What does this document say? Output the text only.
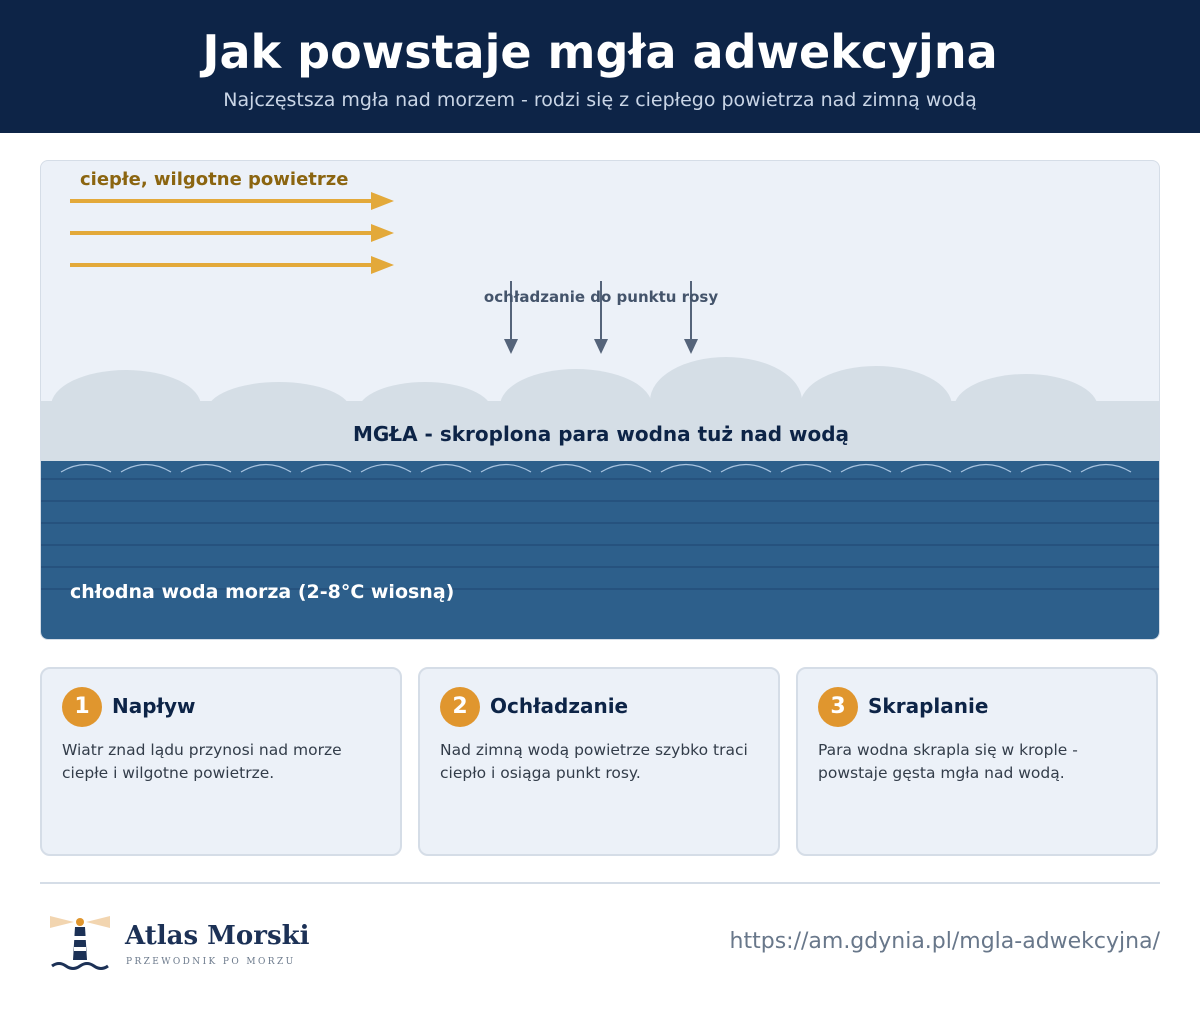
Jak powstaje mgła adwekcyjna
Najczęstsza mgła nad morzem - rodzi się z ciepłego powietrza nad zimną wodą
ciepłe, wilgotne powietrze
ochładzanie do punktu rosy
MGŁA - skroplona para wodna tuż nad wodą
chłodna woda morza (2-8°C wiosną)
1	Napływ
Wiatr znad lądu przynosi nad morze ciepłe i wilgotne powietrze.
2	Ochładzanie
Nad zimną wodą powietrze szybko traci ciepło i osiąga punkt rosy.
3	Skraplanie
Para wodna skrapla się w krople - powstaje gęsta mgła nad wodą.
Atlas Morski
PRZEWODNIK PO MORZU
https://am.gdynia.pl/mgla-adwekcyjna/
